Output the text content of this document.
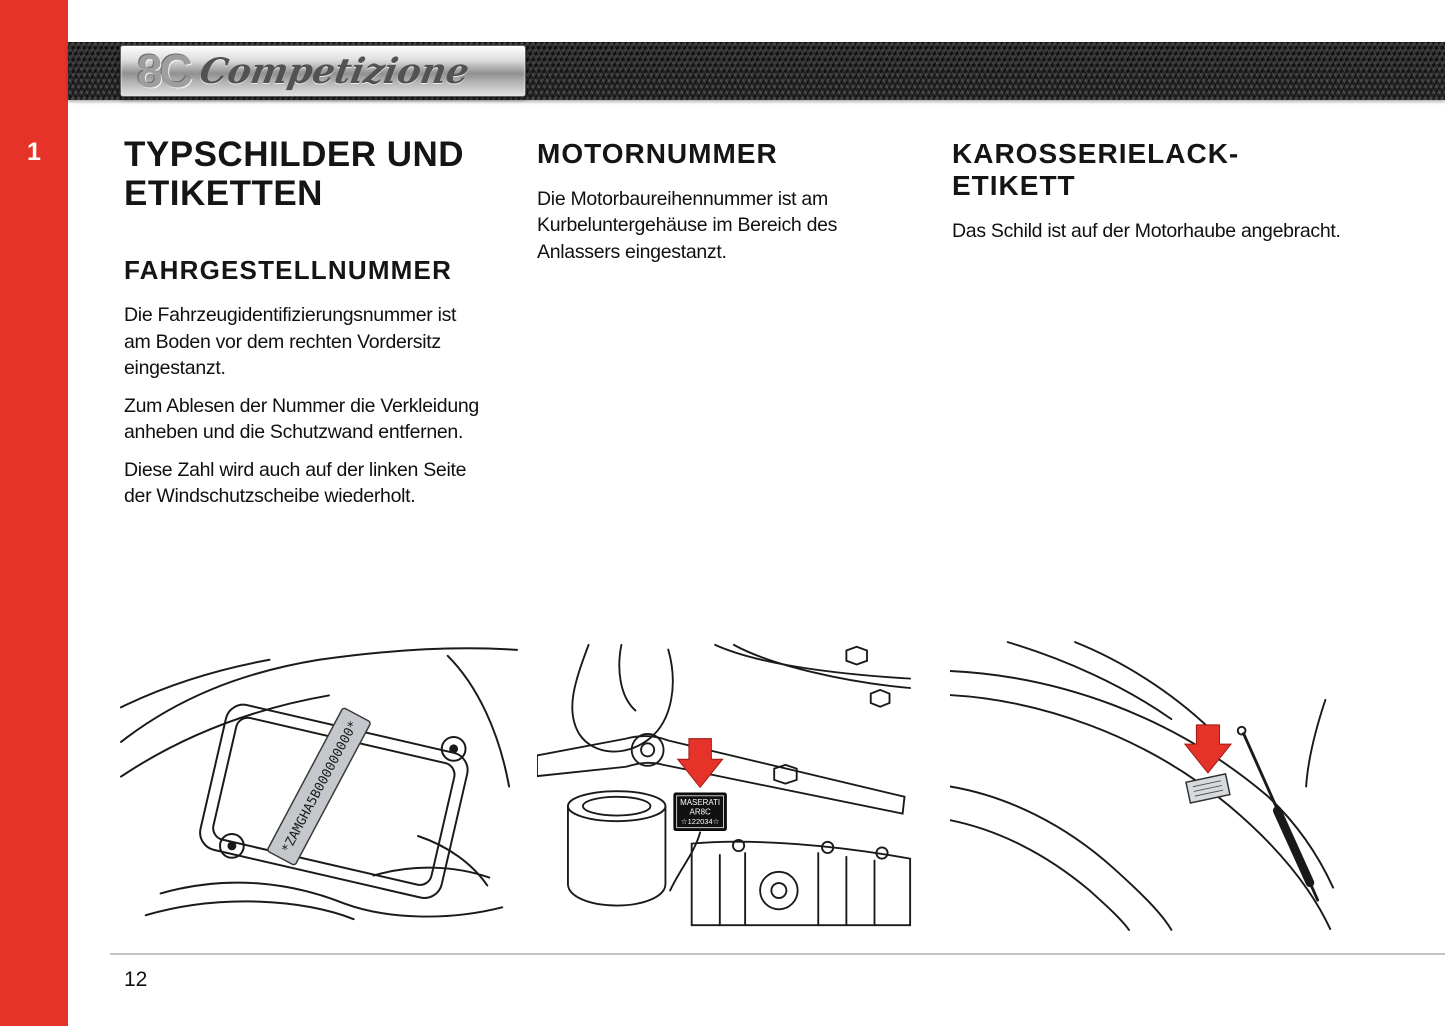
1
8C Competizione
TYPSCHILDER UND ETIKETTEN
FAHRGESTELLNUMMER

Die Fahrzeugidentifizierungsnummer ist am Boden vor dem rechten Vordersitz eingestanzt.

Zum Ablesen der Nummer die Verkleidung anheben und die Schutzwand entfernen.

Diese Zahl wird auch auf der linken Seite der Windschutzscheibe wiederholt.

MOTORNUMMER

Die Motorbaureihennummer ist am Kurbeluntergehäuse im Bereich des Anlassers eingestanzt.

KAROSSERIELACK-ETIKETT

Das Schild ist auf der Motorhaube angebracht.

*ZAMGHA5B000000000*	MASERATI
AR8C
☆122034☆
12
